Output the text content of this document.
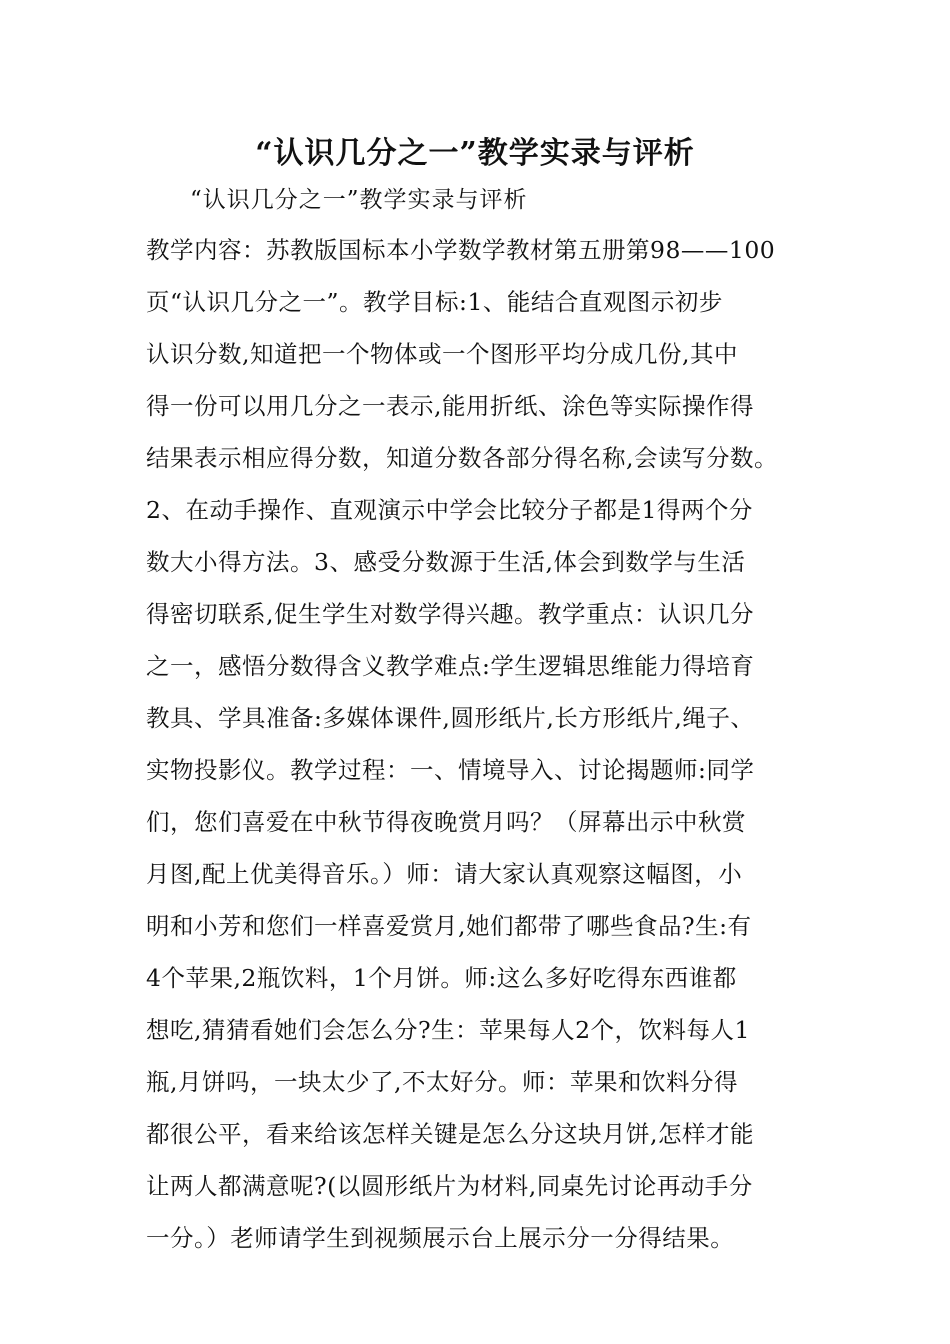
“认识几分之一”教学实录与评析
“认识几分之一”教学实录与评析
教学内容：苏教版国标本小学数学教材第五册第98——100
页“认识几分之一”。教学目标:1、能结合直观图示初步
认识分数,知道把一个物体或一个图形平均分成几份,其中
得一份可以用几分之一表示,能用折纸、涂色等实际操作得
结果表示相应得分数，知道分数各部分得名称,会读写分数。
2、在动手操作、直观演示中学会比较分子都是1得两个分
数大小得方法。3、感受分数源于生活,体会到数学与生活
得密切联系,促生学生对数学得兴趣。教学重点：认识几分
之一，感悟分数得含义教学难点:学生逻辑思维能力得培育
教具、学具准备:多媒体课件,圆形纸片,长方形纸片,绳子、
实物投影仪。教学过程：一、情境导入、讨论揭题师:同学
们，您们喜爱在中秋节得夜晚赏月吗？（屏幕出示中秋赏
月图,配上优美得音乐。）师：请大家认真观察这幅图，小
明和小芳和您们一样喜爱赏月,她们都带了哪些食品?生:有
4个苹果,2瓶饮料，1个月饼。师:这么多好吃得东西谁都
想吃,猜猜看她们会怎么分?生：苹果每人2个，饮料每人1
瓶,月饼吗，一块太少了,不太好分。师：苹果和饮料分得
都很公平，看来给该怎样关键是怎么分这块月饼,怎样才能
让两人都满意呢?(以圆形纸片为材料,同桌先讨论再动手分
一分。）老师请学生到视频展示台上展示分一分得结果。
